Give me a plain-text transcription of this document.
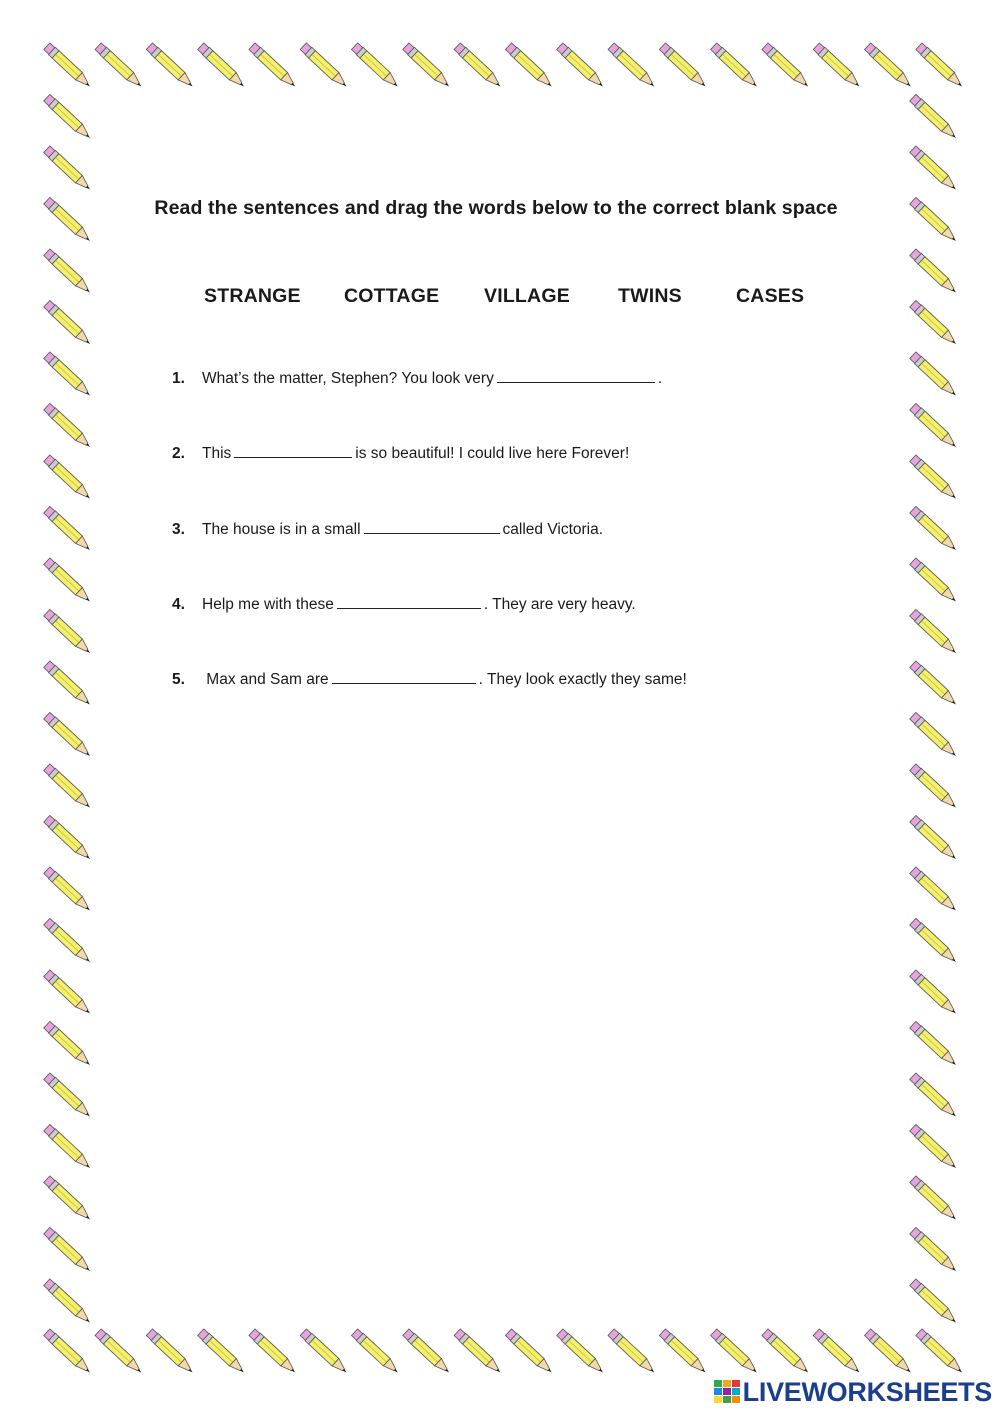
Read the sentences and drag the words below to the correct blank space
STRANGE COTTAGE VILLAGE TWINS	CASES
1. What’s the matter, Stephen? You look very	.
2. This	is so beautiful! I could live here Forever!
3. The house is in a small	called Victoria.
4. Help me with these	. They are very heavy.
5. Max and Sam are	. They look exactly they same!
LIVEWORKSHEETS
